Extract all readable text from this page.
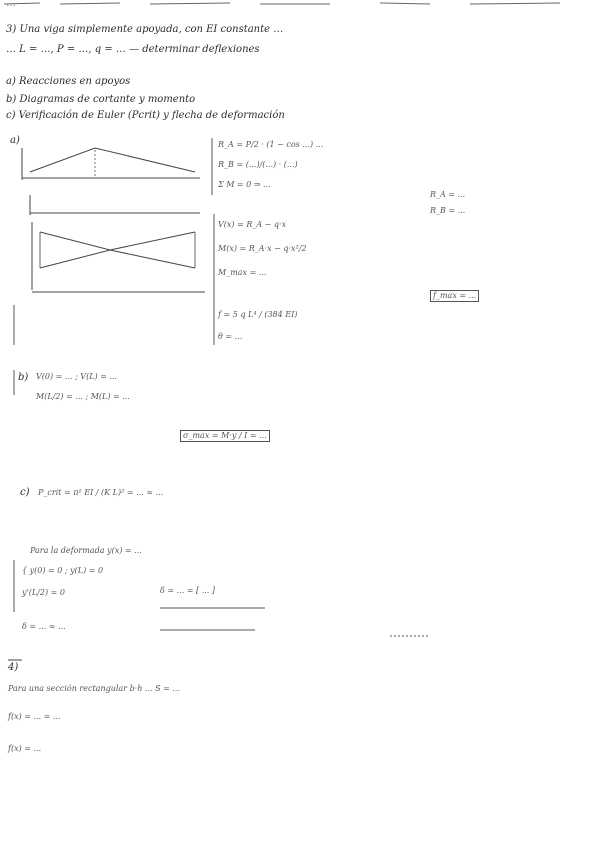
…
3) Una viga simplemente apoyada, con EI constante …
… L = …, P = …, q = … — determinar deflexiones
a) Reacciones en apoyos
b) Diagramas de cortante y momento
c) Verificación de Euler (Pcrit) y flecha de deformación
a)	R_A = P/2 · (1 − cos ...) ...
R_B = (...)/(...) · (...)
Σ M = 0 ⇒ ...
V(x) = R_A − q·x
M(x) = R_A·x − q·x²/2
M_max = ...
f = 5 q L⁴ / (384 EI)
θ = ...
R_A = ...
R_B = ...
f_max = ...
b) V(0) = ... ; V(L) = ...
M(L/2) = ... ; M(L) = ...
σ_max = M·y / I = ...
c) P_crit = π² EI / (K L)² = ... ≈ ...
Para la deformada y(x) = ...
{ y(0) = 0 ; y(L) = 0
y'(L/2) = 0	δ = ... = [ ... ]
δ = ... ≈ ...
4)
Para una sección rectangular b·h ... S = ...
f(x) = ... = ...
f(x) = ...
